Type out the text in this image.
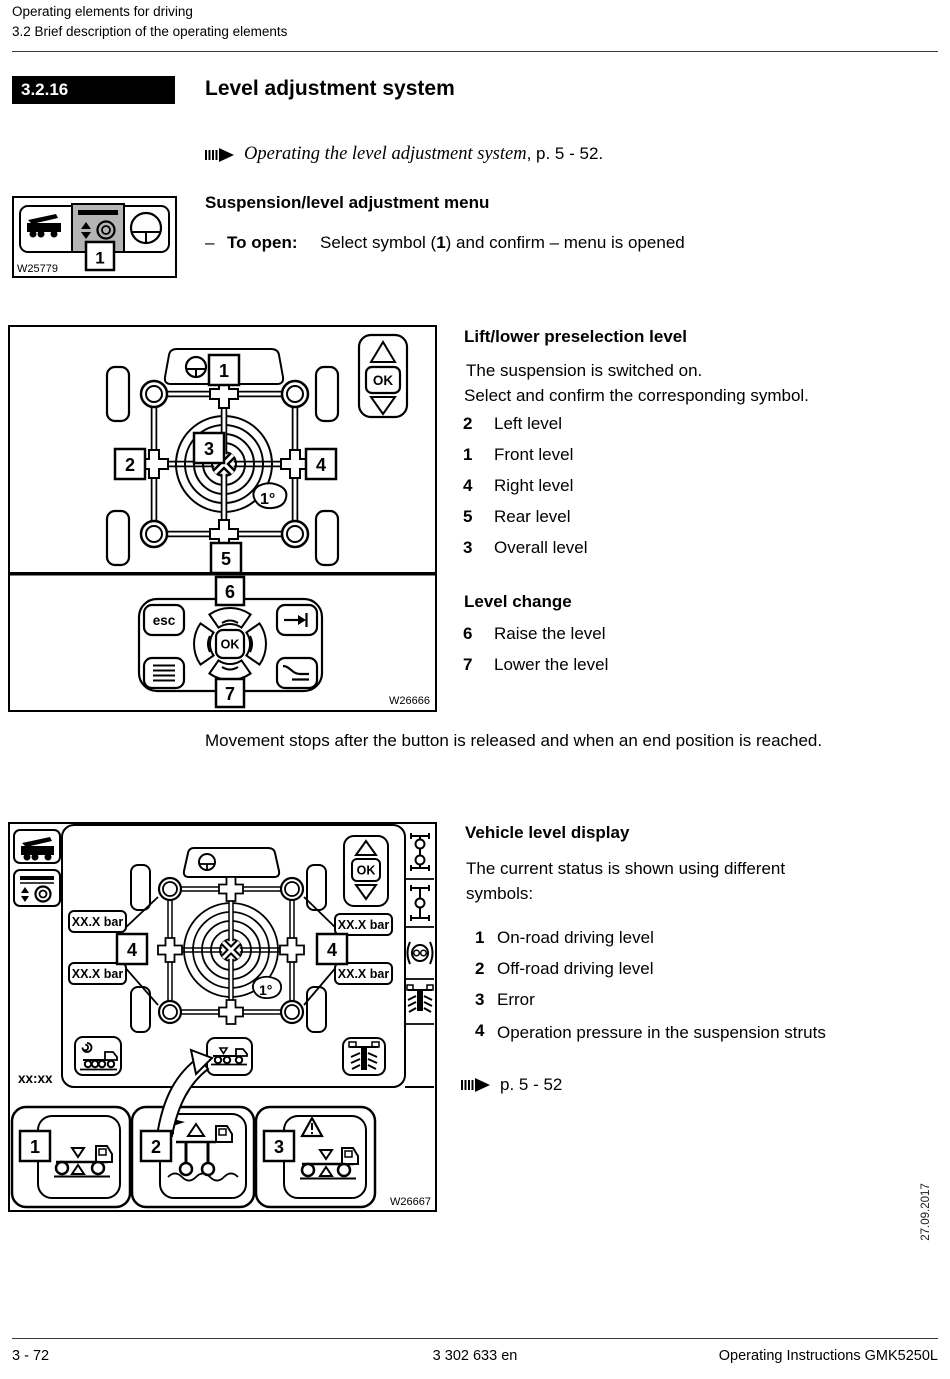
Operating elements for driving
3.2 Brief description of the operating elements
3.2.16	Level adjustment system
Operating the level adjustment system, p. 5 - 52.
1
W25779
Suspension/level adjustment menu
– To open: Select symbol (1) and confirm – menu is opened
1°
OK
esc
OK
1
2
3
4
5
6
7	W26666
Lift/lower preselection level
The suspension is switched on.
Select and confirm the corresponding symbol.
2	Left level
1	Front level
4	Right level
5	Rear level
3	Overall level
Level change
6	Raise the level
7	Lower the level
Movement stops after the button is released and when an end position is reached.
xx:xx
OK
1°
XX.X bar
XX.X bar
XX.X bar
XX.X bar
4	4
1	2	3
W26667
Vehicle level display
The current status is shown using different symbols:
1 On-road driving level
2 Off-road driving level
3 Error
4 Operation pressure in the suspension struts
p. 5 - 52
3 - 72	3 302 633 en	Operating Instructions GMK5250L
27.09.2017
